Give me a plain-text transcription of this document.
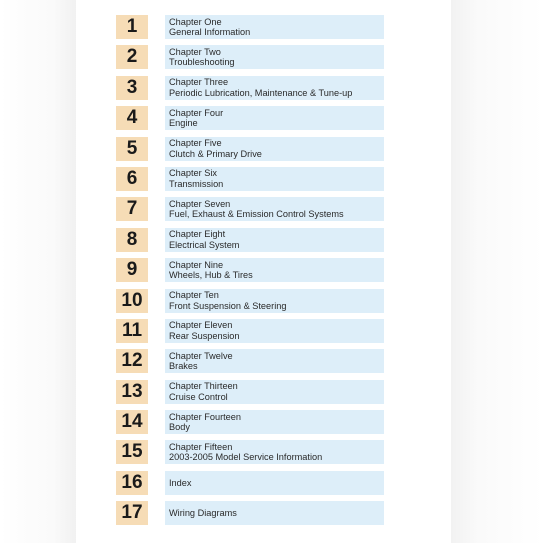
1	Chapter One
General Information
2	Chapter Two
Troubleshooting
3	Chapter Three
Periodic Lubrication, Maintenance & Tune-up
4	Chapter Four
Engine
5	Chapter Five
Clutch & Primary Drive
6	Chapter Six
Transmission
7	Chapter Seven
Fuel, Exhaust & Emission Control Systems
8	Chapter Eight
Electrical System
9	Chapter Nine
Wheels, Hub & Tires
10	Chapter Ten
Front Suspension & Steering
11	Chapter Eleven
Rear Suspension
12	Chapter Twelve
Brakes
13	Chapter Thirteen
Cruise Control
14	Chapter Fourteen
Body
15	Chapter Fifteen
2003-2005 Model Service Information
16	Index
17	Wiring Diagrams
